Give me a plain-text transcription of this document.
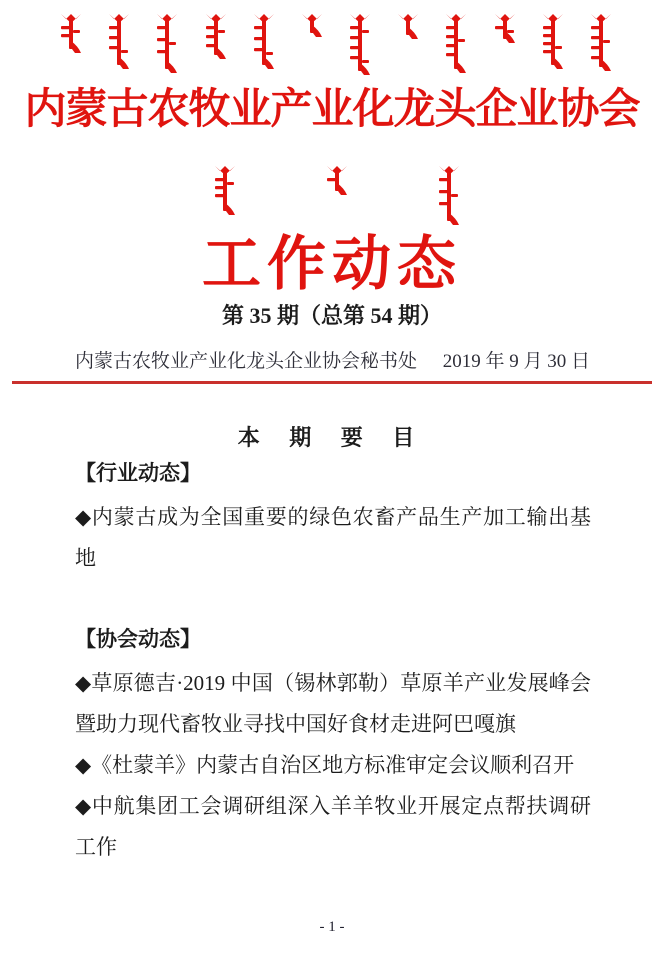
内蒙古农牧业产业化龙头企业协会
工作动态
第 35 期（总第 54 期）
内蒙古农牧业产业化龙头企业协会秘书处 2019 年 9 月 30 日
本 期 要 目
【行业动态】

◆内蒙古成为全国重要的绿色农畜产品生产加工输出基地

【协会动态】

◆草原德吉·2019 中国（锡林郭勒）草原羊产业发展峰会暨助力现代畜牧业寻找中国好食材走进阿巴嘎旗

◆《杜蒙羊》内蒙古自治区地方标准审定会议顺利召开

◆中航集团工会调研组深入羊羊牧业开展定点帮扶调研工作

- 1 -
